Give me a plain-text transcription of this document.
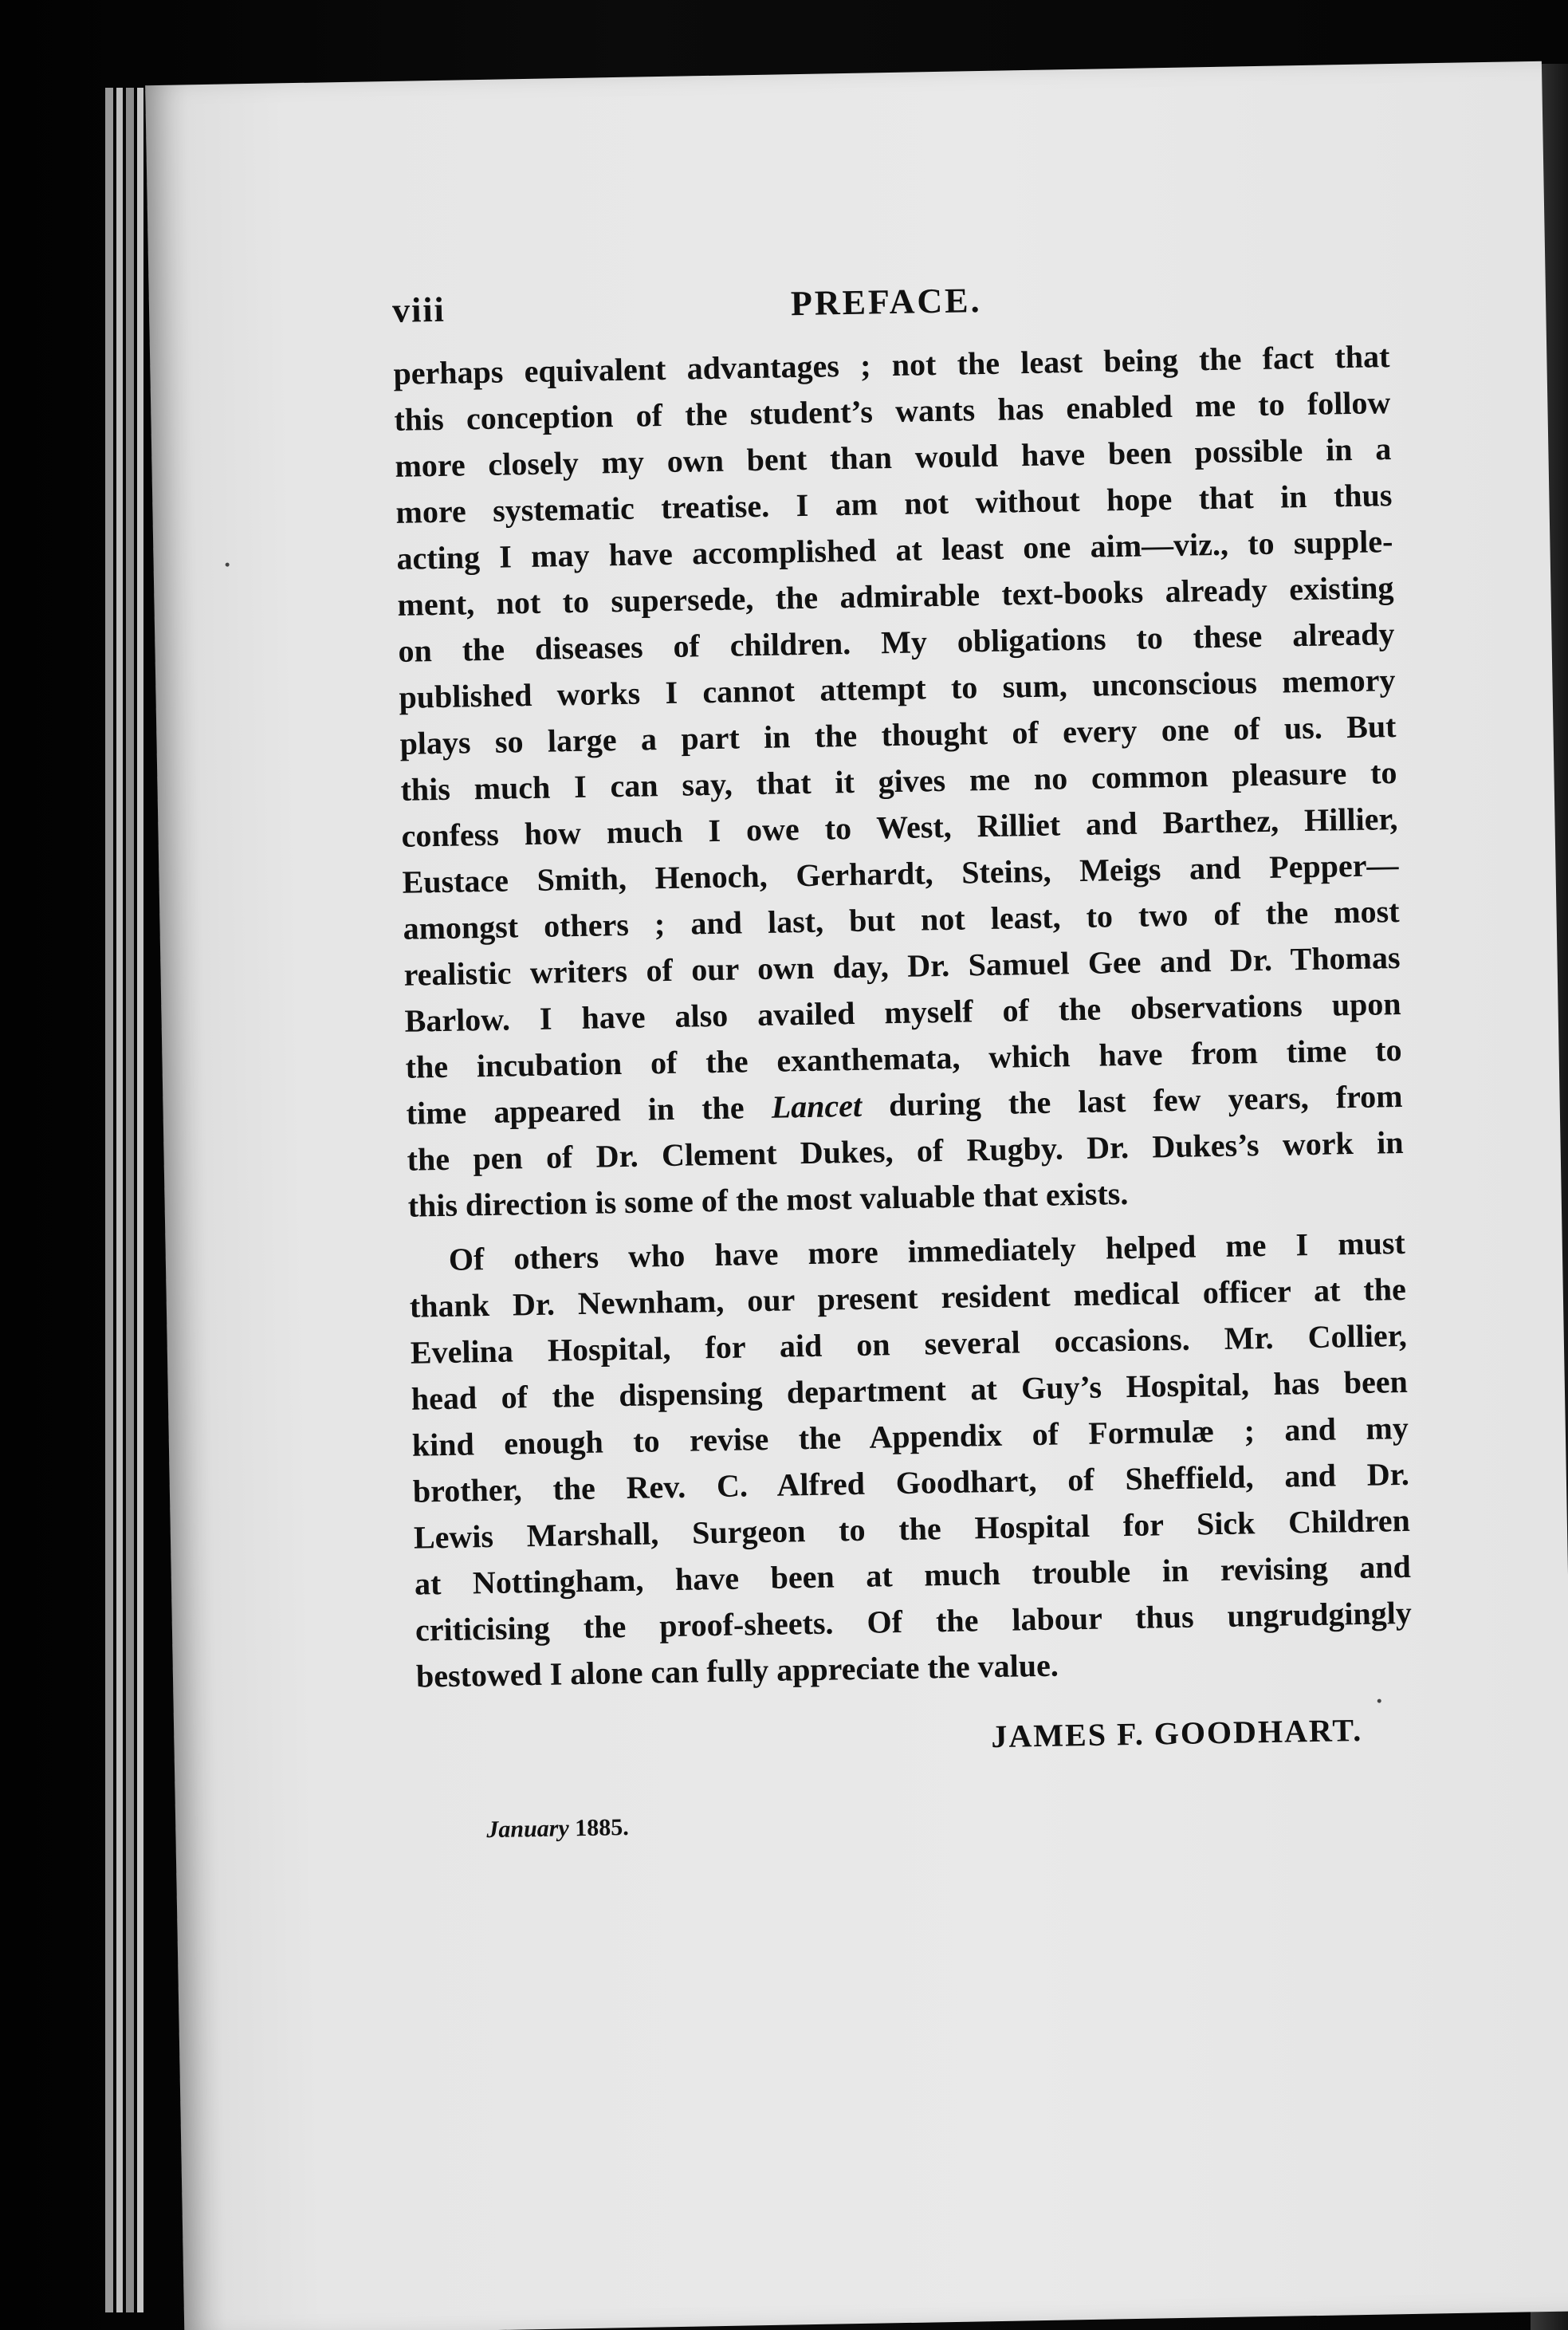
viii	PREFACE.
perhaps equivalent advantages ; not the least being the fact that
this conception of the student’s wants has enabled me to follow
more closely my own bent than would have been possible in a
more systematic treatise. I am not without hope that in thus
acting I may have accomplished at least one aim—viz., to supple-
ment, not to supersede, the admirable text-books already existing
on the diseases of children. My obligations to these already
published works I cannot attempt to sum, unconscious memory
plays so large a part in the thought of every one of us. But
this much I can say, that it gives me no common pleasure to
confess how much I owe to West, Rilliet and Barthez, Hillier,
Eustace Smith, Henoch, Gerhardt, Steins, Meigs and Pepper—
amongst others ; and last, but not least, to two of the most
realistic writers of our own day, Dr. Samuel Gee and Dr. Thomas
Barlow. I have also availed myself of the observations upon
the incubation of the exanthemata, which have from time to
time appeared in the Lancet during the last few years, from
the pen of Dr. Clement Dukes, of Rugby. Dr. Dukes’s work in
this direction is some of the most valuable that exists.
Of others who have more immediately helped me I must
thank Dr. Newnham, our present resident medical officer at the
Evelina Hospital, for aid on several occasions. Mr. Collier,
head of the dispensing department at Guy’s Hospital, has been
kind enough to revise the Appendix of Formulæ ; and my
brother, the Rev. C. Alfred Goodhart, of Sheffield, and Dr.
Lewis Marshall, Surgeon to the Hospital for Sick Children
at Nottingham, have been at much trouble in revising and
criticising the proof-sheets. Of the labour thus ungrudgingly
bestowed I alone can fully appreciate the value.
JAMES F. GOODHART.
January 1885.
